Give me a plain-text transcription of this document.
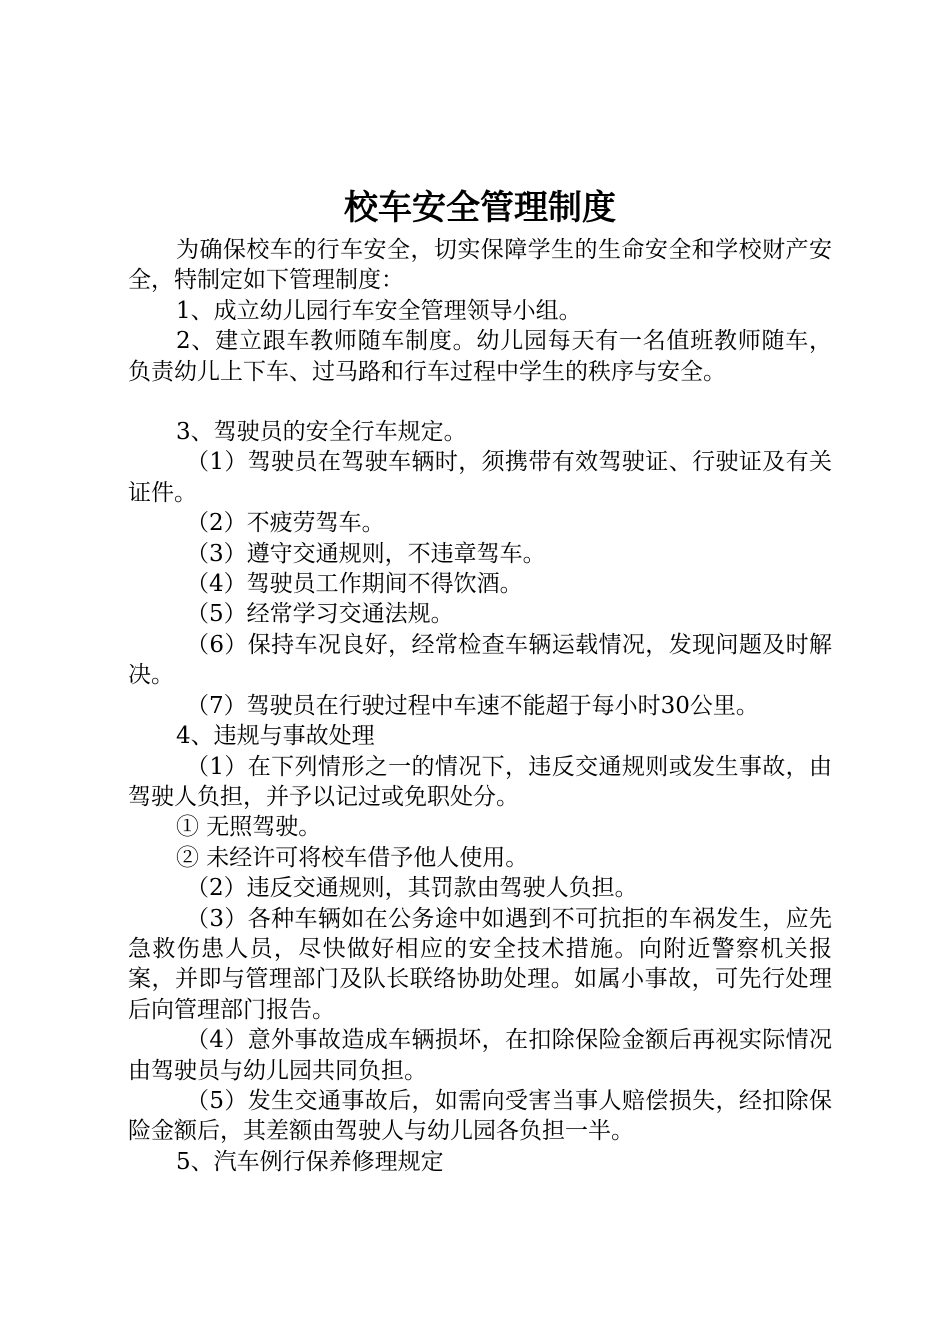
校车安全管理制度

为确保校车的行车安全，切实保障学生的生命安全和学校财产安全，特制定如下管理制度：

1、成立幼儿园行车安全管理领导小组。

2、建立跟车教师随车制度。幼儿园每天有一名值班教师随车，负责幼儿上下车、过马路和行车过程中学生的秩序与安全。

3、驾驶员的安全行车规定。

（1）驾驶员在驾驶车辆时，须携带有效驾驶证、行驶证及有关证件。

（2）不疲劳驾车。

（3）遵守交通规则，不违章驾车。

（4）驾驶员工作期间不得饮酒。

（5）经常学习交通法规。

（6）保持车况良好，经常检查车辆运载情况，发现问题及时解决。

（7）驾驶员在行驶过程中车速不能超于每小时30公里。

4、违规与事故处理

（1）在下列情形之一的情况下，违反交通规则或发生事故，由驾驶人负担，并予以记过或免职处分。

① 无照驾驶。

② 未经许可将校车借予他人使用。

（2）违反交通规则，其罚款由驾驶人负担。

（3）各种车辆如在公务途中如遇到不可抗拒的车祸发生，应先急救伤患人员，尽快做好相应的安全技术措施。向附近警察机关报案，并即与管理部门及队长联络协助处理。如属小事故，可先行处理后向管理部门报告。

（4）意外事故造成车辆损坏，在扣除保险金额后再视实际情况由驾驶员与幼儿园共同负担。

（5）发生交通事故后，如需向受害当事人赔偿损失，经扣除保险金额后，其差额由驾驶人与幼儿园各负担一半。

5、汽车例行保养修理规定
